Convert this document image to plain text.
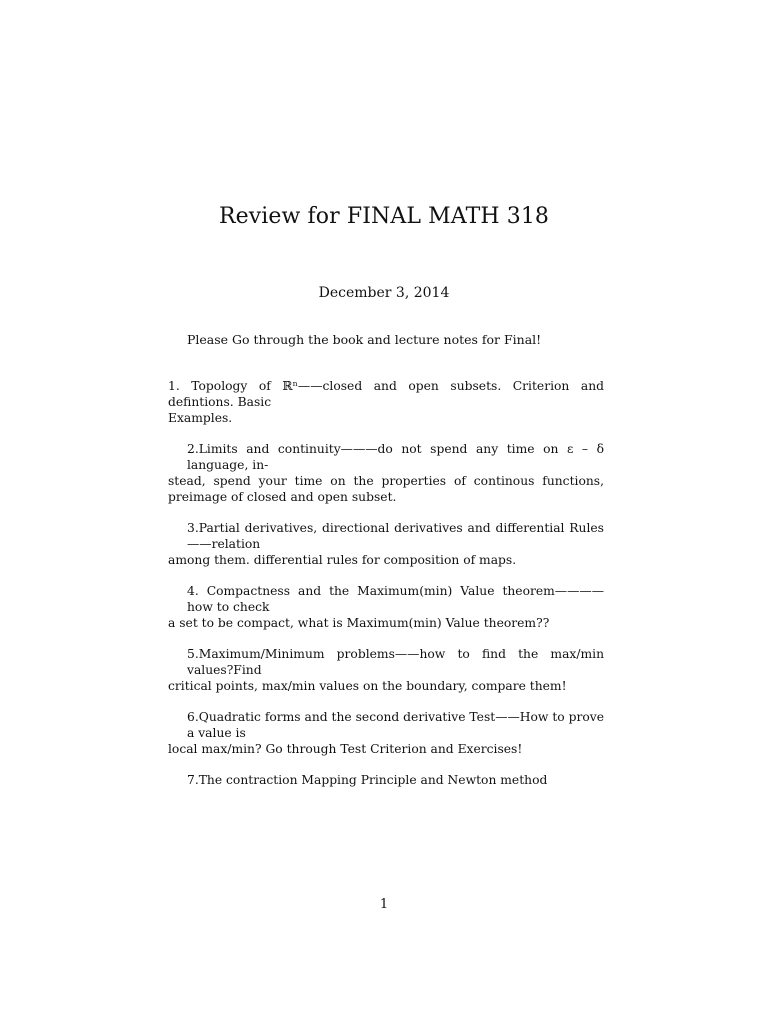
Review for FINAL MATH 318
December 3, 2014
Please Go through the book and lecture notes for Final!
1. Topology of ℝⁿ——closed and open subsets. Criterion and defintions. Basic
Examples.
2.Limits and continuity———do not spend any time on ε – δ language, in-
stead, spend your time on the properties of continous functions, preimage of closed and open subset.
3.Partial derivatives, directional derivatives and differential Rules——relation
among them. differential rules for composition of maps.
4. Compactness and the Maximum(min) Value theorem————how to check
a set to be compact, what is Maximum(min) Value theorem??
5.Maximum/Minimum problems——how to find the max/min values?Find
critical points, max/min values on the boundary, compare them!
6.Quadratic forms and the second derivative Test——How to prove a value is
local max/min? Go through Test Criterion and Exercises!
7.The contraction Mapping Principle and Newton method
1
